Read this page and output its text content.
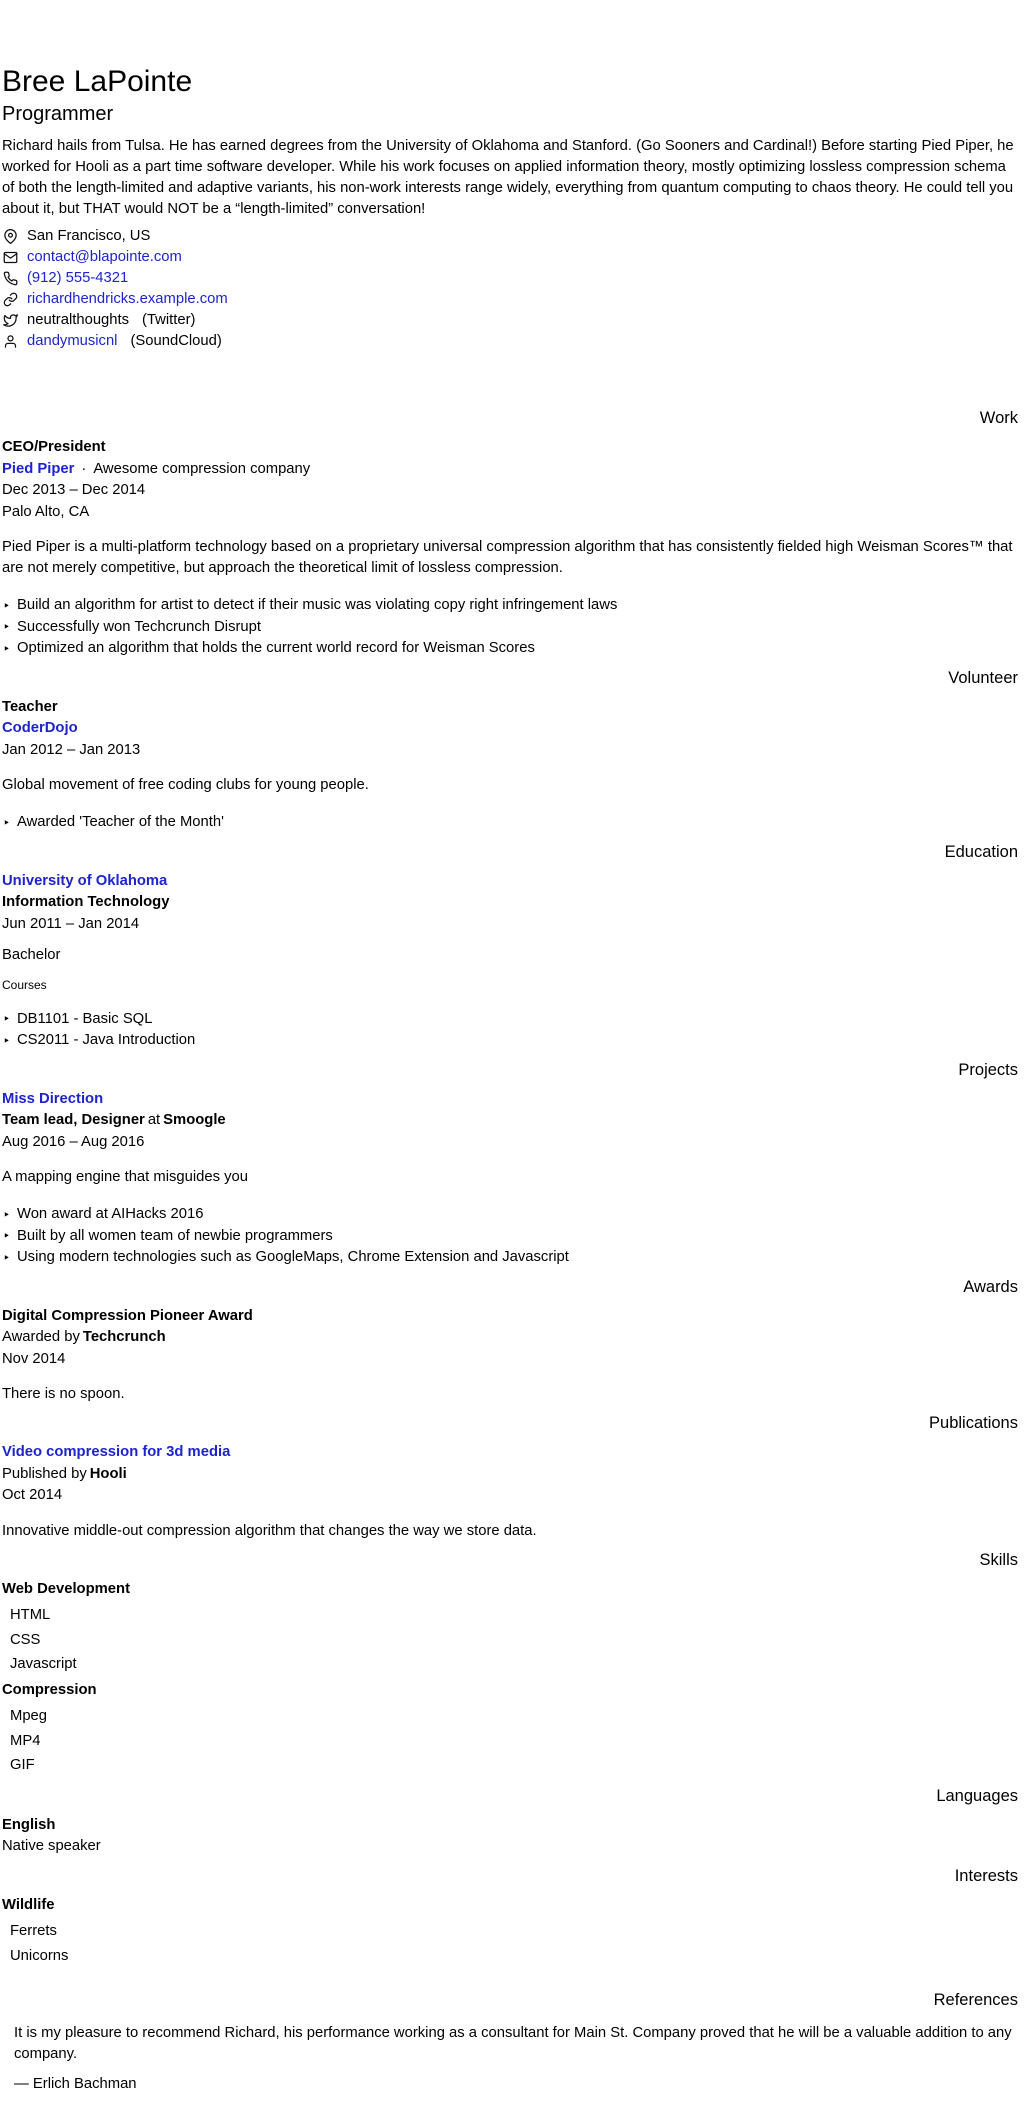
Bree LaPointe
Programmer

Richard hails from Tulsa. He has earned degrees from the University of Oklahoma and Stanford. (Go Sooners and Cardinal!) Before starting Pied Piper, he worked for Hooli as a part time software developer. While his work focuses on applied information theory, mostly optimizing lossless compression schema of both the length-limited and adaptive variants, his non-work interests range widely, everything from quantum computing to chaos theory. He could tell you about it, but THAT would NOT be a “length-limited” conversation!

San Francisco, US
contact@blapointe.com
(912) 555-4321
richardhendricks.example.com
neutralthoughts (Twitter)
dandymusicnl (SoundCloud)
Work
CEO/President
Pied Piper · Awesome compression company
Dec 2013 – Dec 2014
Palo Alto, CA

Pied Piper is a multi-platform technology based on a proprietary universal compression algorithm that has consistently fielded high Weisman Scores™ that are not merely competitive, but approach the theoretical limit of lossless compression.

‣ Build an algorithm for artist to detect if their music was violating copy right infringement laws
‣ Successfully won Techcrunch Disrupt
‣ Optimized an algorithm that holds the current world record for Weisman Scores
Volunteer
Teacher
CoderDojo
Jan 2012 – Jan 2013

Global movement of free coding clubs for young people.

‣ Awarded 'Teacher of the Month'
Education
University of Oklahoma
Information Technology
Jun 2011 – Jan 2014
Bachelor
Courses
‣ DB1101 - Basic SQL
‣ CS2011 - Java Introduction
Projects
Miss Direction
Team lead, Designer at Smoogle
Aug 2016 – Aug 2016

A mapping engine that misguides you

‣ Won award at AIHacks 2016
‣ Built by all women team of newbie programmers
‣ Using modern technologies such as GoogleMaps, Chrome Extension and Javascript
Awards
Digital Compression Pioneer Award
Awarded by Techcrunch
Nov 2014

There is no spoon.

Publications
Video compression for 3d media
Published by Hooli
Oct 2014

Innovative middle-out compression algorithm that changes the way we store data.

Skills
Web Development
HTML
CSS
Javascript
Compression
Mpeg
MP4
GIF
Languages
English
Native speaker
Interests
Wildlife
Ferrets
Unicorns
References

It is my pleasure to recommend Richard, his performance working as a consultant for Main St. Company proved that he will be a valuable addition to any company.

— Erlich Bachman
